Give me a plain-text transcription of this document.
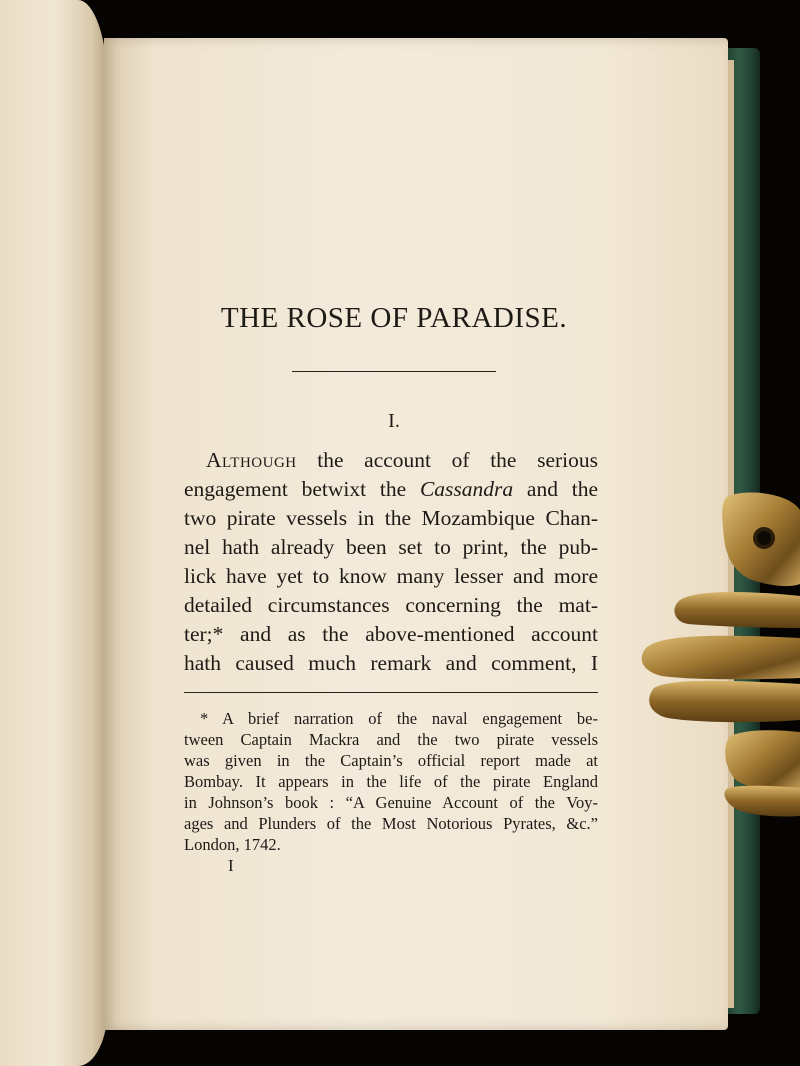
THE ROSE OF PARADISE.
I.
Although the account of the serious
engagement betwixt the Cassandra and the
two pirate vessels in the Mozambique Chan-
nel hath already been set to print, the pub-
lick have yet to know many lesser and more
detailed circumstances concerning the mat-
ter;* and as the above-mentioned account
hath caused much remark and comment, I
* A brief narration of the naval engagement be-
tween Captain Mackra and the two pirate vessels
was given in the Captain’s official report made at
Bombay. It appears in the life of the pirate England
in Johnson’s book : “A Genuine Account of the Voy-
ages and Plunders of the Most Notorious Pyrates, &c.”
London, 1742.
I
